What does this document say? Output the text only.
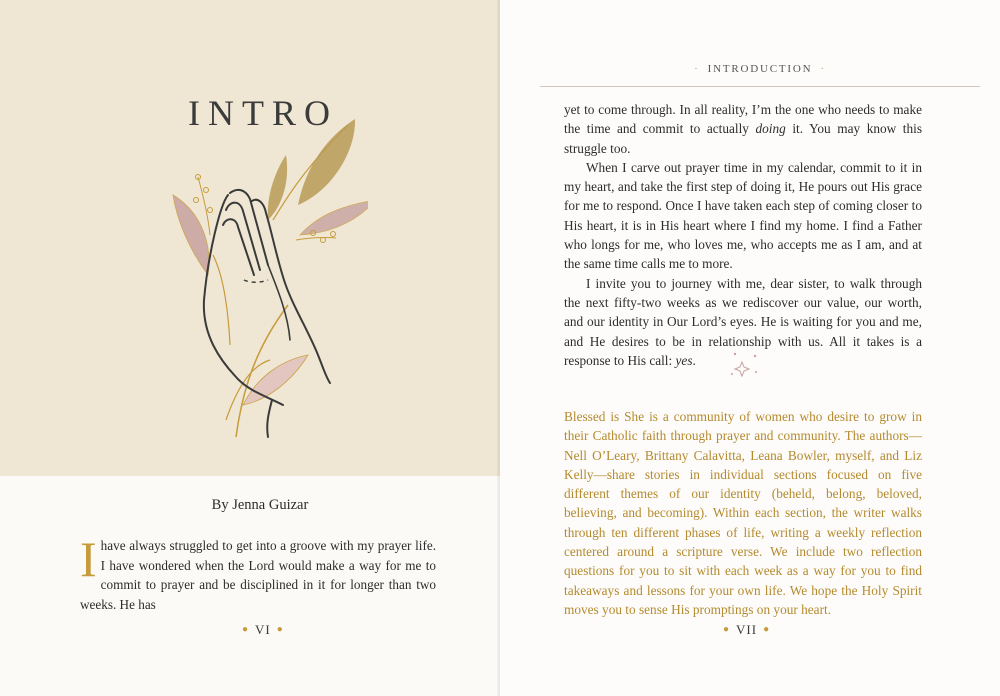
INTRO
By Jenna Guizar
Ihave always struggled to get into a groove with my prayer life. I have wondered when the Lord would make a way for me to commit to prayer and be disciplined in it for longer than two weeks. He has
● VI ●
· INTRODUCTION ·

yet to come through. In all reality, I’m the one who needs to make the time and commit to actually doing it. You may know this struggle too.

When I carve out prayer time in my calendar, commit to it in my heart, and take the first step of doing it, He pours out His grace for me to respond. Once I have taken each step of coming closer to His heart, it is in His heart where I find my home. I find a Father who longs for me, who loves me, who accepts me as I am, and at the same time calls me to more.

I invite you to journey with me, dear sister, to walk through the next fifty-two weeks as we rediscover our value, our worth, and our identity in Our Lord’s eyes. He is waiting for you and me, and He desires to be in relationship with us. All it takes is a response to His call: yes.

Blessed is She is a community of women who desire to grow in their Catholic faith through prayer and community. The authors—Nell O’Leary, Brittany Calavitta, Leana Bowler, myself, and Liz Kelly—share stories in individual sections focused on five different themes of our identity (beheld, belong, beloved, believing, and becoming). Within each section, the writer walks through ten different phases of life, writing a weekly reflection centered around a scripture verse. We include two reflection questions for you to sit with each week as a way for you to find takeaways and lessons for your own life. We hope the Holy Spirit moves you to sense His promptings on your heart.
● VII ●
